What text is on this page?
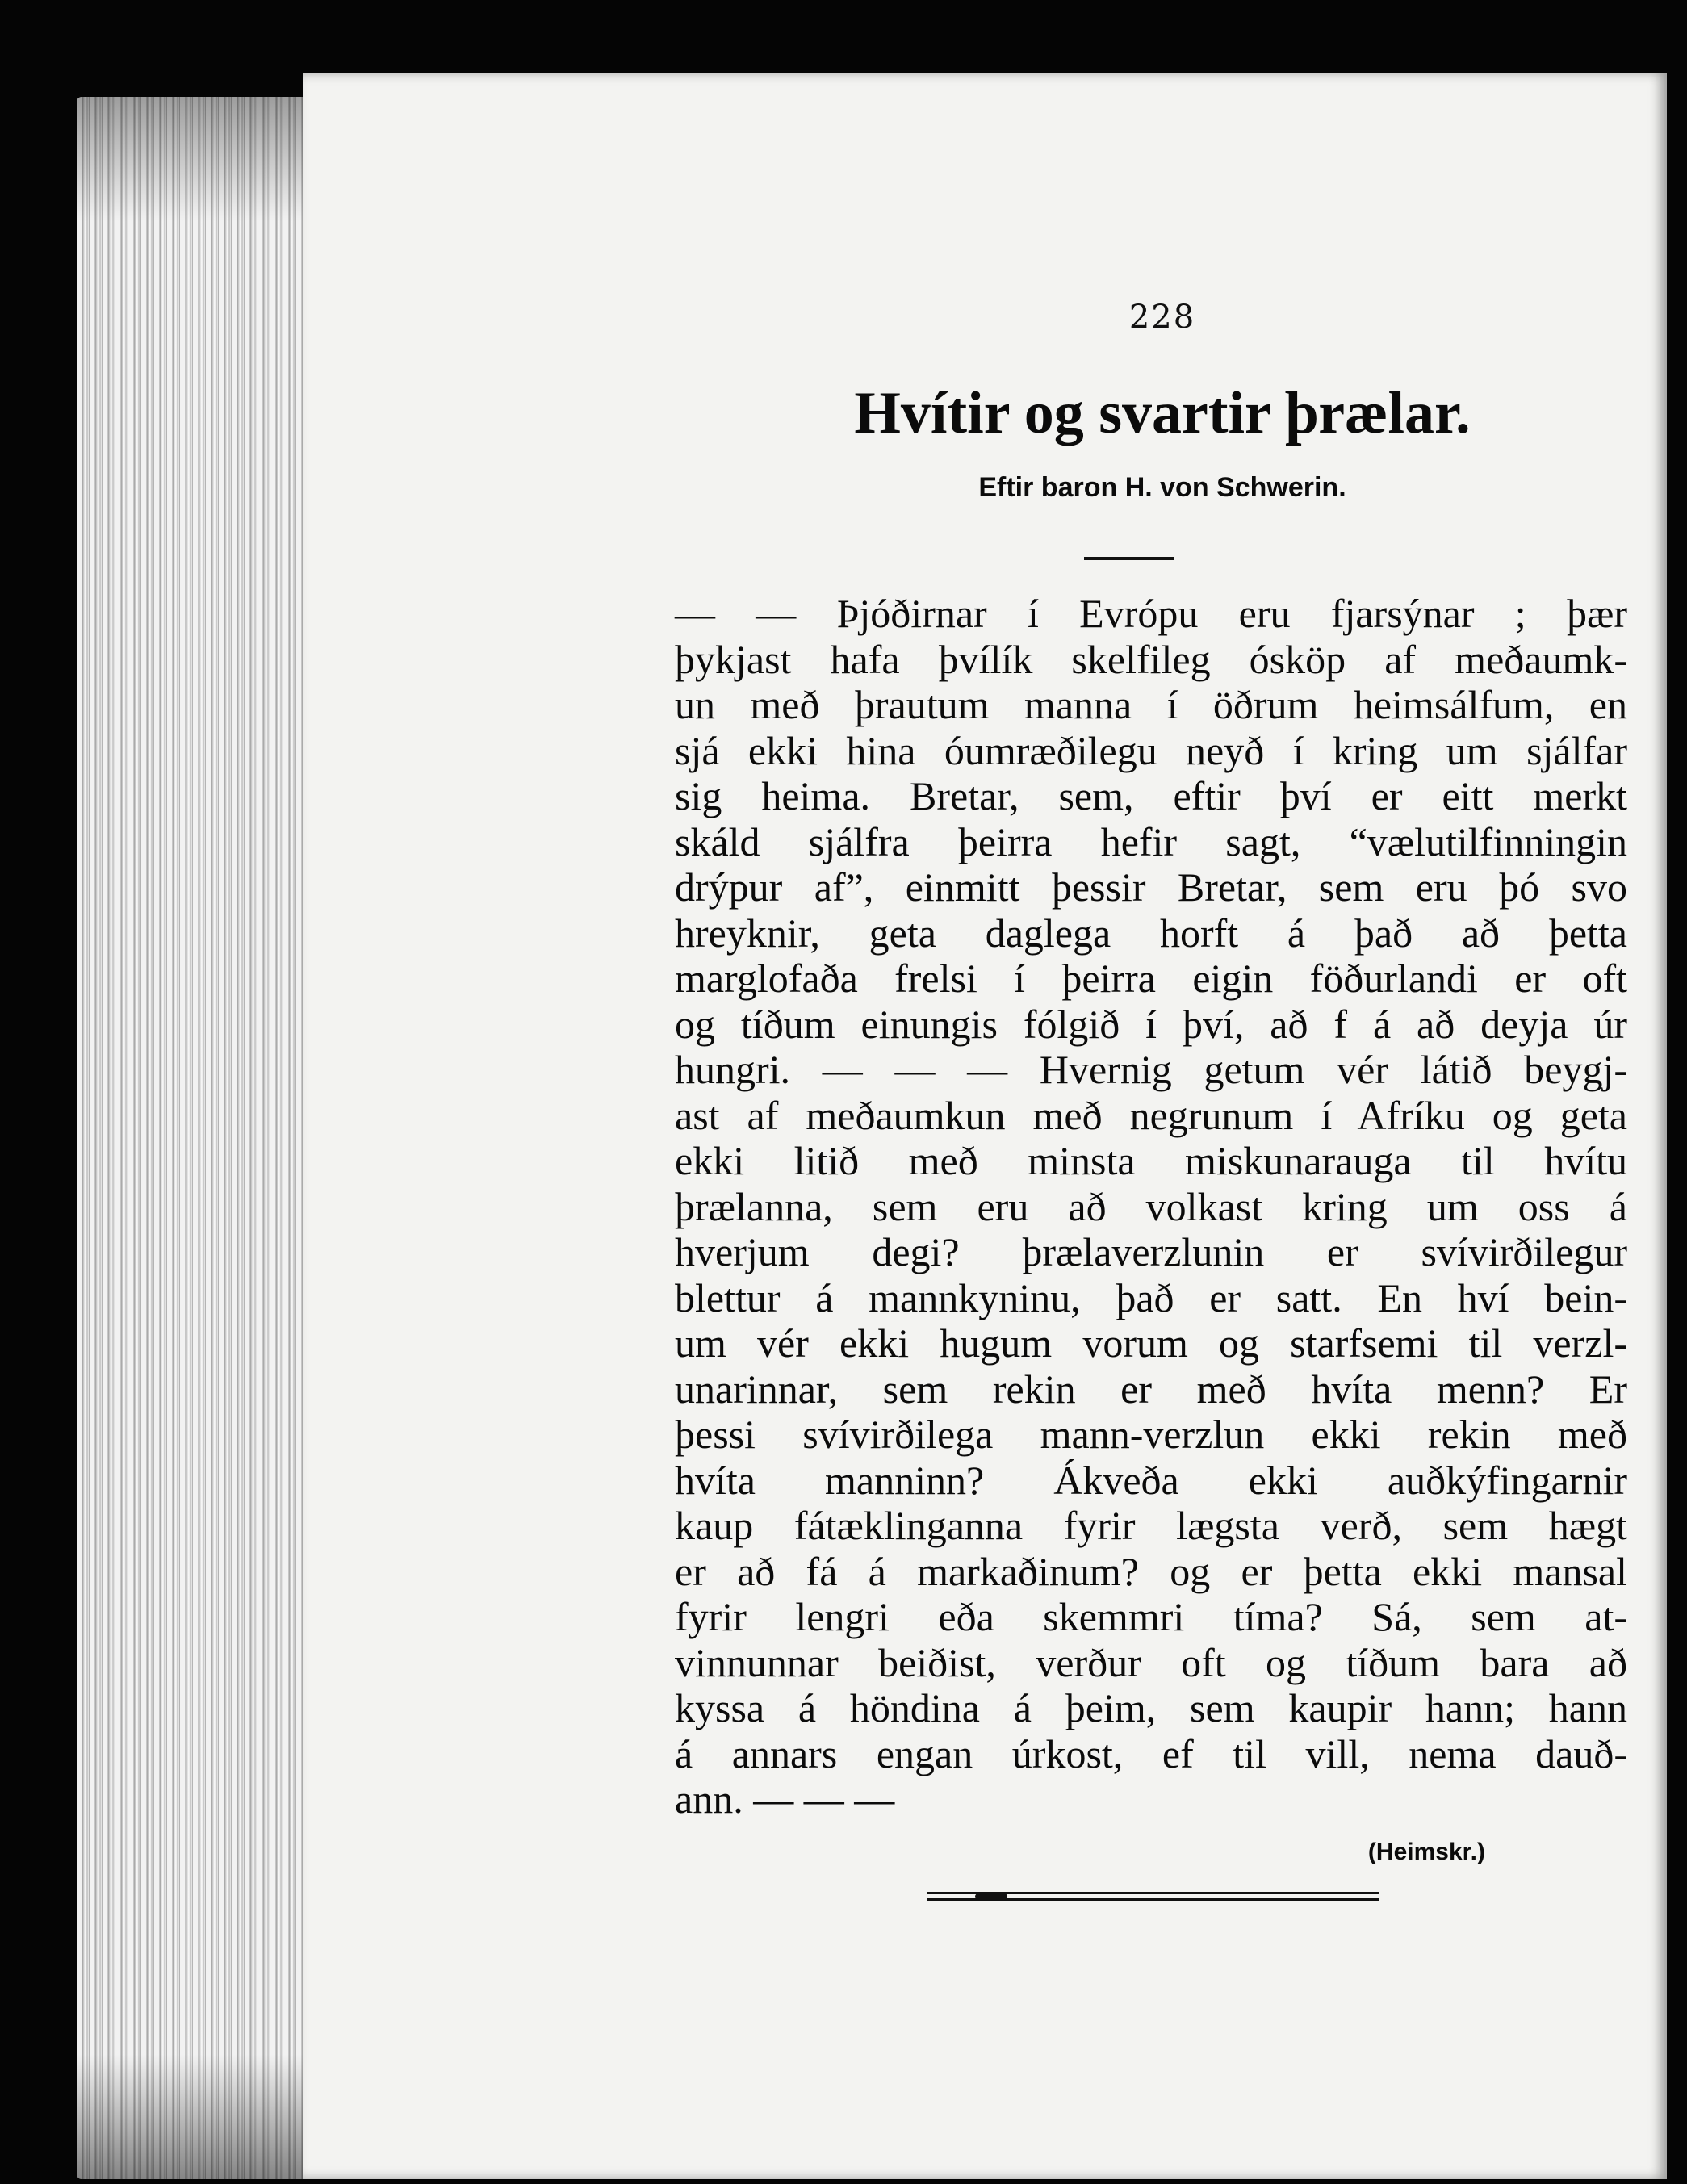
228
Hvítir og svartir þrælar.
Eftir baron H. von Schwerin.
— — Þjóðirnar í Evrópu eru fjarsýnar ; þær
þykjast hafa þvílík skelfileg ósköp af meðaumk-
un með þrautum manna í öðrum heimsálfum, en
sjá ekki hina óumræðilegu neyð í kring um sjálfar
sig heima. Bretar, sem, eftir því er eitt merkt
skáld sjálfra þeirra hefir sagt, “vælutilfinningin
drýpur af”, einmitt þessir Bretar, sem eru þó svo
hreyknir, geta daglega horft á það að þetta
marglofaða frelsi í þeirra eigin föðurlandi er oft
og tíðum einungis fólgið í því, að f á að deyja úr
hungri. — — — Hvernig getum vér látið beygj-
ast af meðaumkun með negrunum í Afríku og geta
ekki litið með minsta miskunarauga til hvítu
þrælanna, sem eru að volkast kring um oss á
hverjum degi? þrælaverzlunin er svívirðilegur
blettur á mannkyninu, það er satt. En hví bein-
um vér ekki hugum vorum og starfsemi til verzl-
unarinnar, sem rekin er með hvíta menn? Er
þessi svívirðilega mann-verzlun ekki rekin með
hvíta manninn? Ákveða ekki auðkýfingarnir
kaup fátæklinganna fyrir lægsta verð, sem hægt
er að fá á markaðinum? og er þetta ekki mansal
fyrir lengri eða skemmri tíma? Sá, sem at-
vinnunnar beiðist, verður oft og tíðum bara að
kyssa á höndina á þeim, sem kaupir hann; hann
á annars engan úrkost, ef til vill, nema dauð-
ann. — — —
(Heimskr.)
